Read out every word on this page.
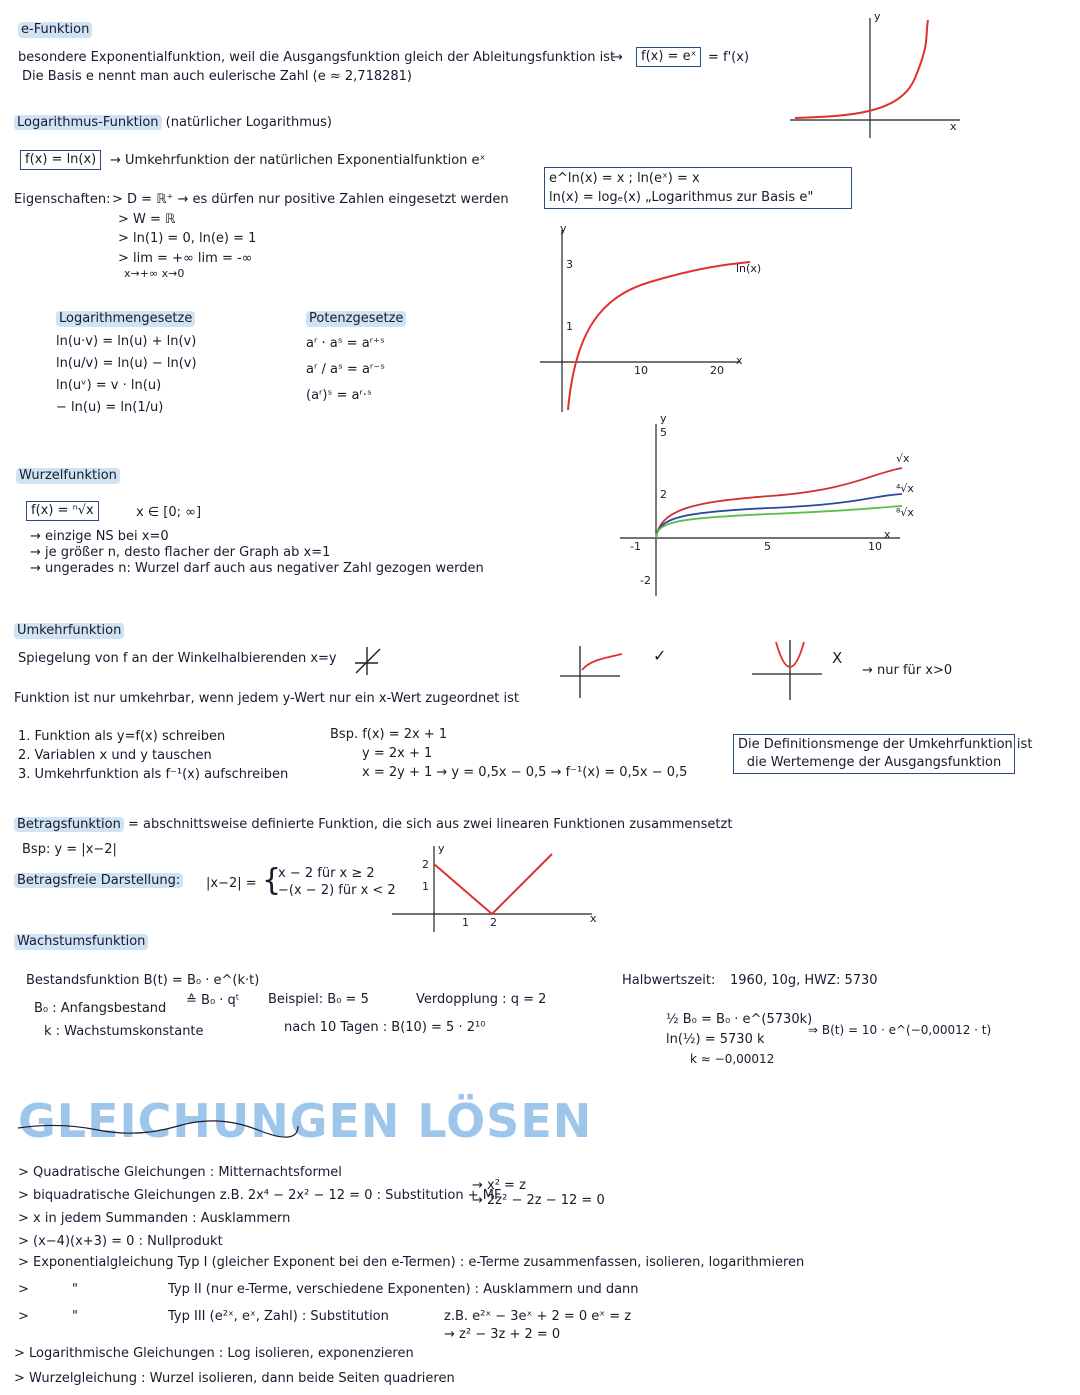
e-Funktion
besondere Exponentialfunktion, weil die Ausgangsfunktion gleich der Ableitungsfunktion ist
→	f(x) = eˣ = f'(x)
Die Basis e nennt man auch eulerische Zahl (e ≈ 2,718281)
y
x
Logarithmus-Funktion (natürlicher Logarithmus)
f(x) = ln(x)	→ Umkehrfunktion der natürlichen Exponentialfunktion eˣ
e^ln(x) = x ; ln(eˣ) = x
ln(x) = logₑ(x) „Logarithmus zur Basis e"
Eigenschaften: > D = ℝ⁺ → es dürfen nur positive Zahlen eingesetzt werden
> W = ℝ
> ln(1) = 0, ln(e) = 1
> lim = +∞ lim = -∞
x→+∞ x→0
y
3
1
10	20
x
ln(x)
Logarithmengesetze
ln(u·v) = ln(u) + ln(v)
ln(u/v) = ln(u) − ln(v)
ln(uᵛ) = v · ln(u)
− ln(u) = ln(1/u)
Potenzgesetze
aʳ · aˢ = aʳ⁺ˢ
aʳ / aˢ = aʳ⁻ˢ
(aʳ)ˢ = aʳ·ˢ
Wurzelfunktion
f(x) = ⁿ√x	x ∈ [0; ∞]
→ einzige NS bei x=0
→ je größer n, desto flacher der Graph ab x=1
→ ungerades n: Wurzel darf auch aus negativer Zahl gezogen werden
√x
⁴√x
⁸√x
y
5
2
-1
-2
5	10
x
Umkehrfunktion
Spiegelung von f an der Winkelhalbierenden x=y	✓	X
→ nur für x>0
Funktion ist nur umkehrbar, wenn jedem y-Wert nur ein x-Wert zugeordnet ist
1. Funktion als y=f(x) schreiben
2. Variablen x und y tauschen
3. Umkehrfunktion als f⁻¹(x) aufschreiben
Bsp. f(x) = 2x + 1
y = 2x + 1
x = 2y + 1 → y = 0,5x − 0,5 → f⁻¹(x) = 0,5x − 0,5
Die Definitionsmenge der Umkehrfunktion ist
die Wertemenge der Ausgangsfunktion
Betragsfunktion = abschnittsweise definierte Funktion, die sich aus zwei linearen Funktionen zusammensetzt
Bsp: y = |x−2|
Betragsfreie Darstellung: |x−2| = {
x − 2 für x ≥ 2
−(x − 2) für x < 2
y
2
1
1 2	x
Wachstumsfunktion
Bestandsfunktion B(t) = B₀ · e^(k·t)
≙ B₀ · qᵗ
B₀ : Anfangsbestand
k : Wachstumskonstante
Beispiel: B₀ = 5	Verdopplung : q = 2
nach 10 Tagen : B(10) = 5 · 2¹⁰
Halbwertszeit: 1960, 10g, HWZ: 5730
½ B₀ = B₀ · e^(5730k)
ln(½) = 5730 k
k ≈ −0,00012
⇒ B(t) = 10 · e^(−0,00012 · t)
GLEICHUNGEN LÖSEN
> Quadratische Gleichungen : Mitternachtsformel
> biquadratische Gleichungen z.B. 2x⁴ − 2x² − 12 = 0 : Substitution + MF
→ x² = z
→ 2z² − 2z − 12 = 0
> x in jedem Summanden : Ausklammern
> (x−4)(x+3) = 0 : Nullprodukt
> Exponentialgleichung Typ I (gleicher Exponent bei den e-Termen) : e-Terme zusammenfassen, isolieren, logarithmieren
>	"	Typ II (nur e-Terme, verschiedene Exponenten) : Ausklammern und dann
>	"	Typ III (e²ˣ, eˣ, Zahl) : Substitution	z.B. e²ˣ − 3eˣ + 2 = 0 eˣ = z
→ z² − 3z + 2 = 0
> Logarithmische Gleichungen : Log isolieren, exponenzieren
> Wurzelgleichung : Wurzel isolieren, dann beide Seiten quadrieren
